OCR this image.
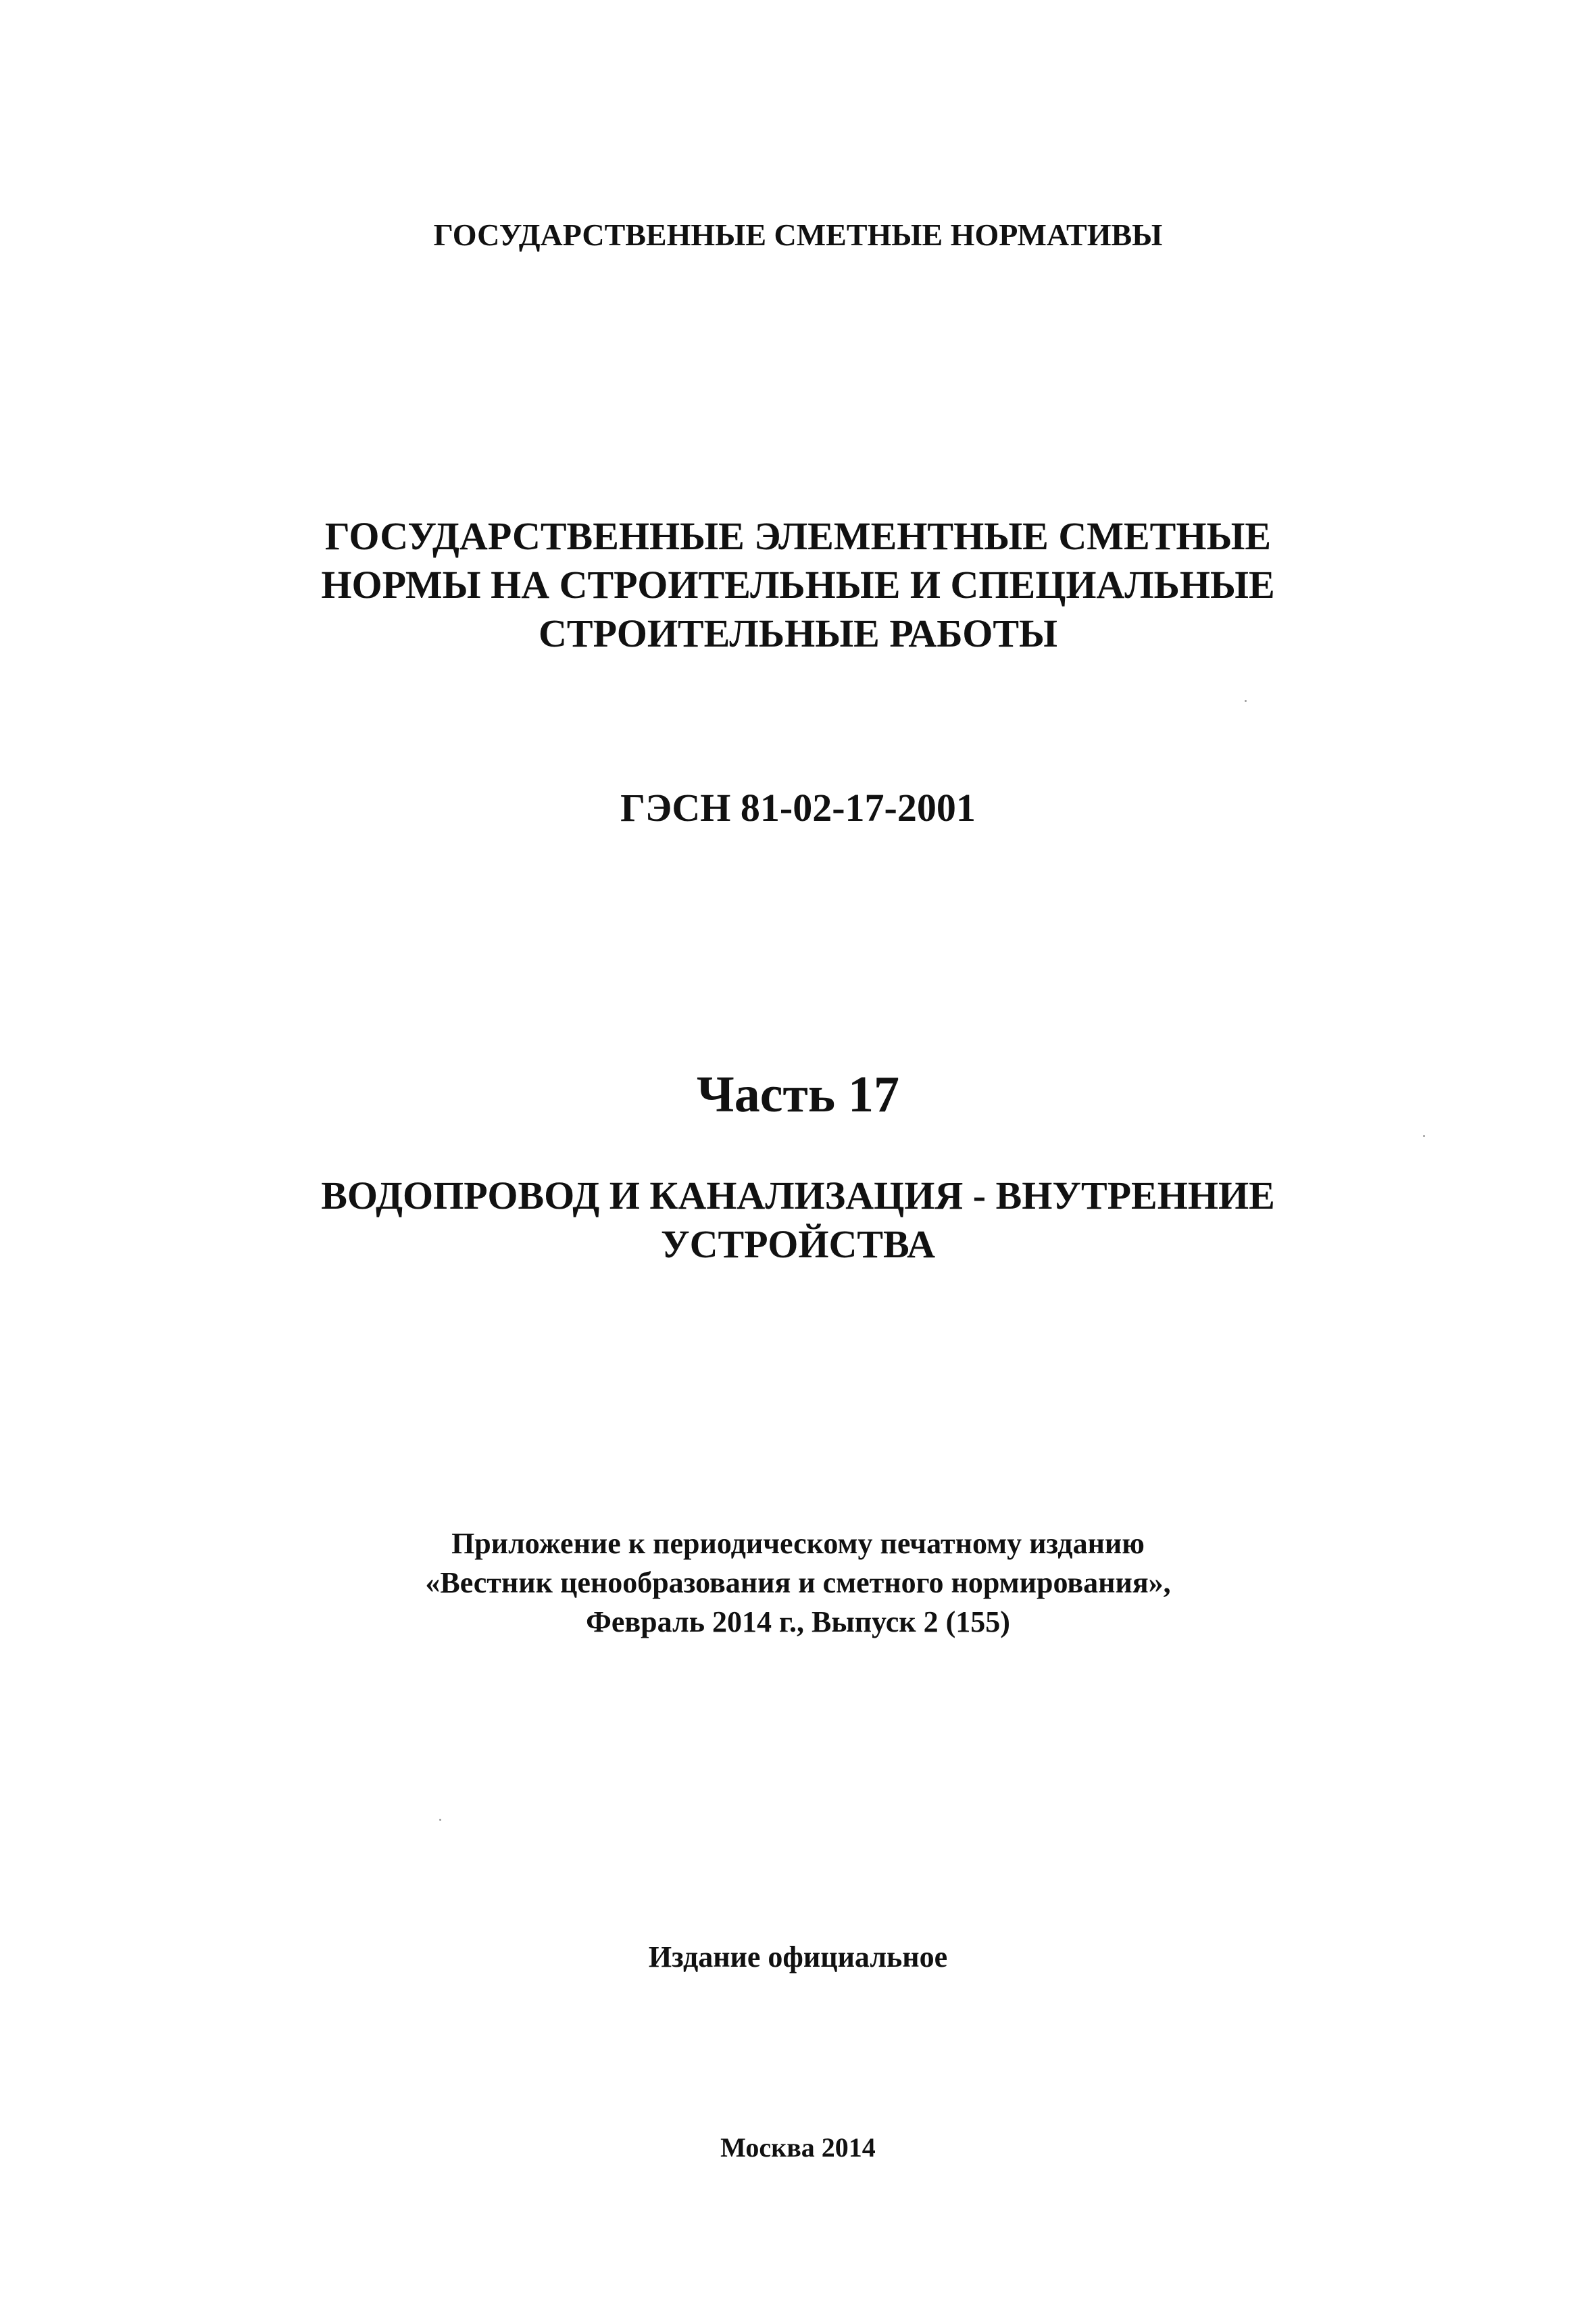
ГОСУДАРСТВЕННЫЕ СМЕТНЫЕ НОРМАТИВЫ
ГОСУДАРСТВЕННЫЕ ЭЛЕМЕНТНЫЕ СМЕТНЫЕ
НОРМЫ НА СТРОИТЕЛЬНЫЕ И СПЕЦИАЛЬНЫЕ
СТРОИТЕЛЬНЫЕ РАБОТЫ
ГЭСН 81-02-17-2001
Часть 17
ВОДОПРОВОД И КАНАЛИЗАЦИЯ - ВНУТРЕННИЕ
УСТРОЙСТВА
Приложение к периодическому печатному изданию
«Вестник ценообразования и сметного нормирования»,
Февраль 2014 г., Выпуск 2 (155)
Издание официальное
Москва 2014
